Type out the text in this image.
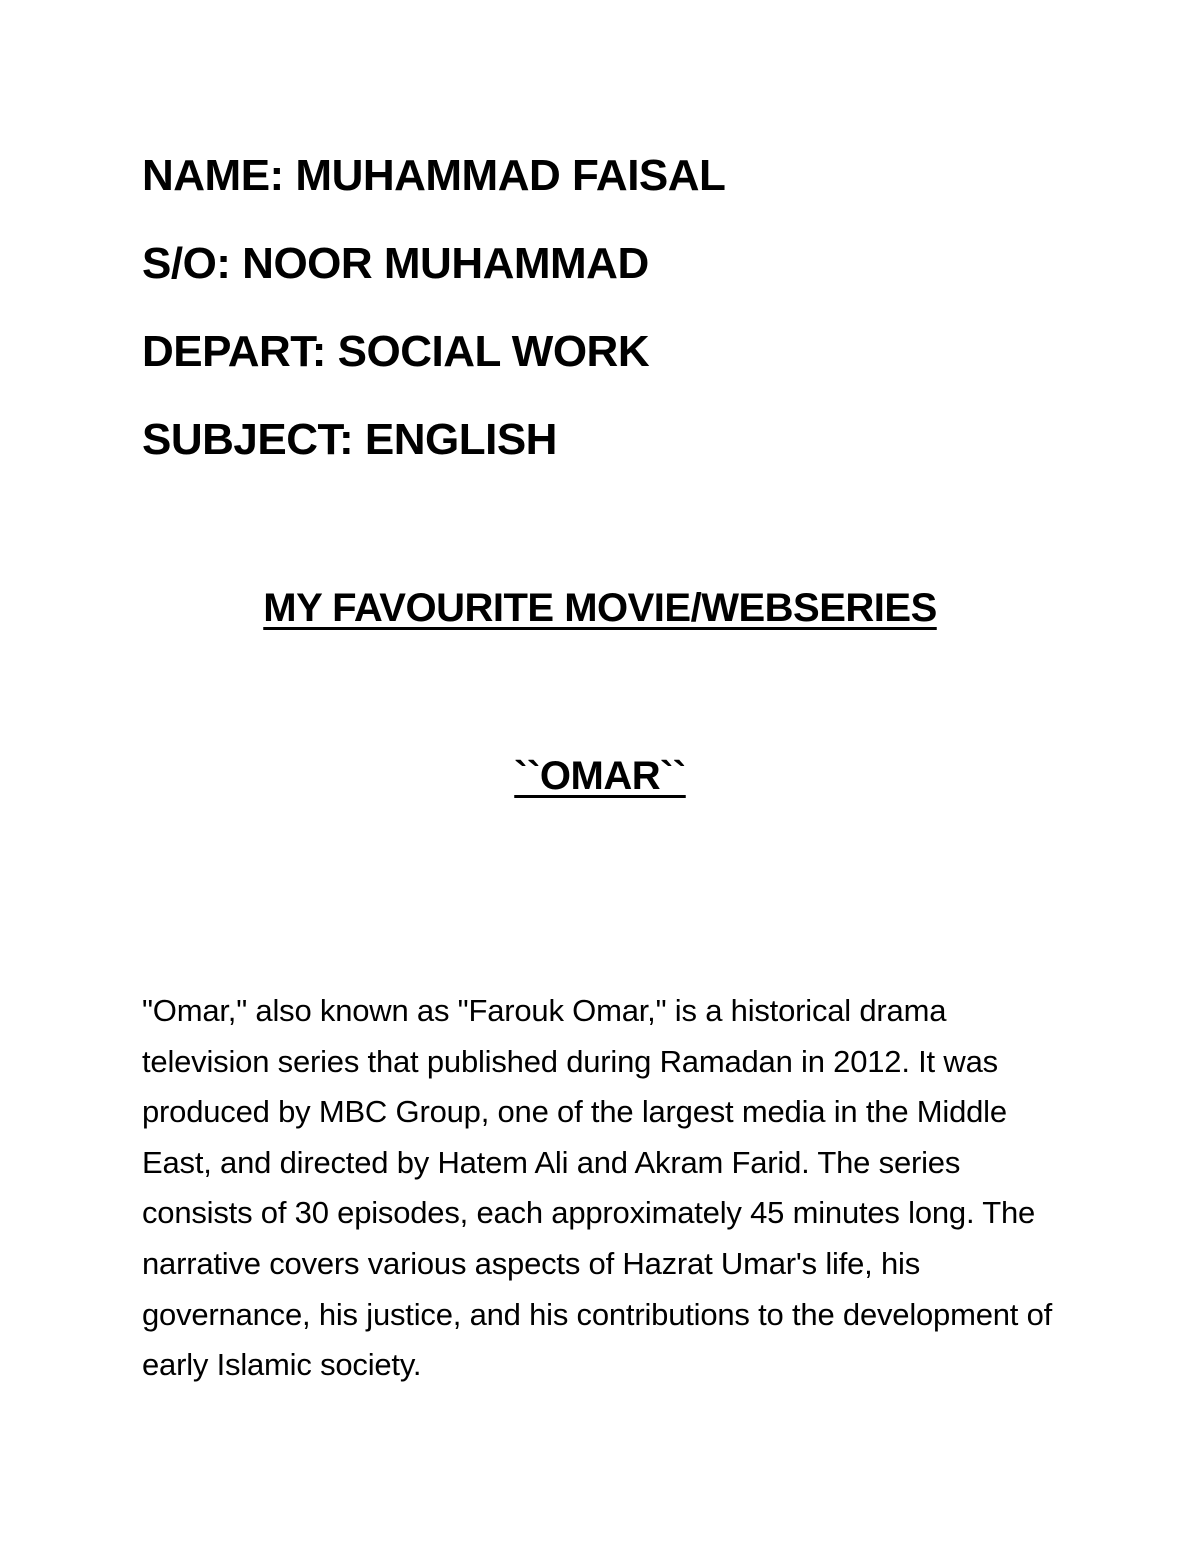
NAME: MUHAMMAD FAISAL
S/O: NOOR MUHAMMAD
DEPART: SOCIAL WORK
SUBJECT: ENGLISH
MY FAVOURITE MOVIE/WEBSERIES
``OMAR``

"Omar," also known as "Farouk Omar," is a historical drama television series that published during Ramadan in 2012. It was produced by MBC Group, one of the largest media in the Middle East, and directed by Hatem Ali and Akram Farid. The series consists of 30 episodes, each approximately 45 minutes long. The narrative covers various aspects of Hazrat Umar's life, his governance, his justice, and his contributions to the development of early Islamic society.
